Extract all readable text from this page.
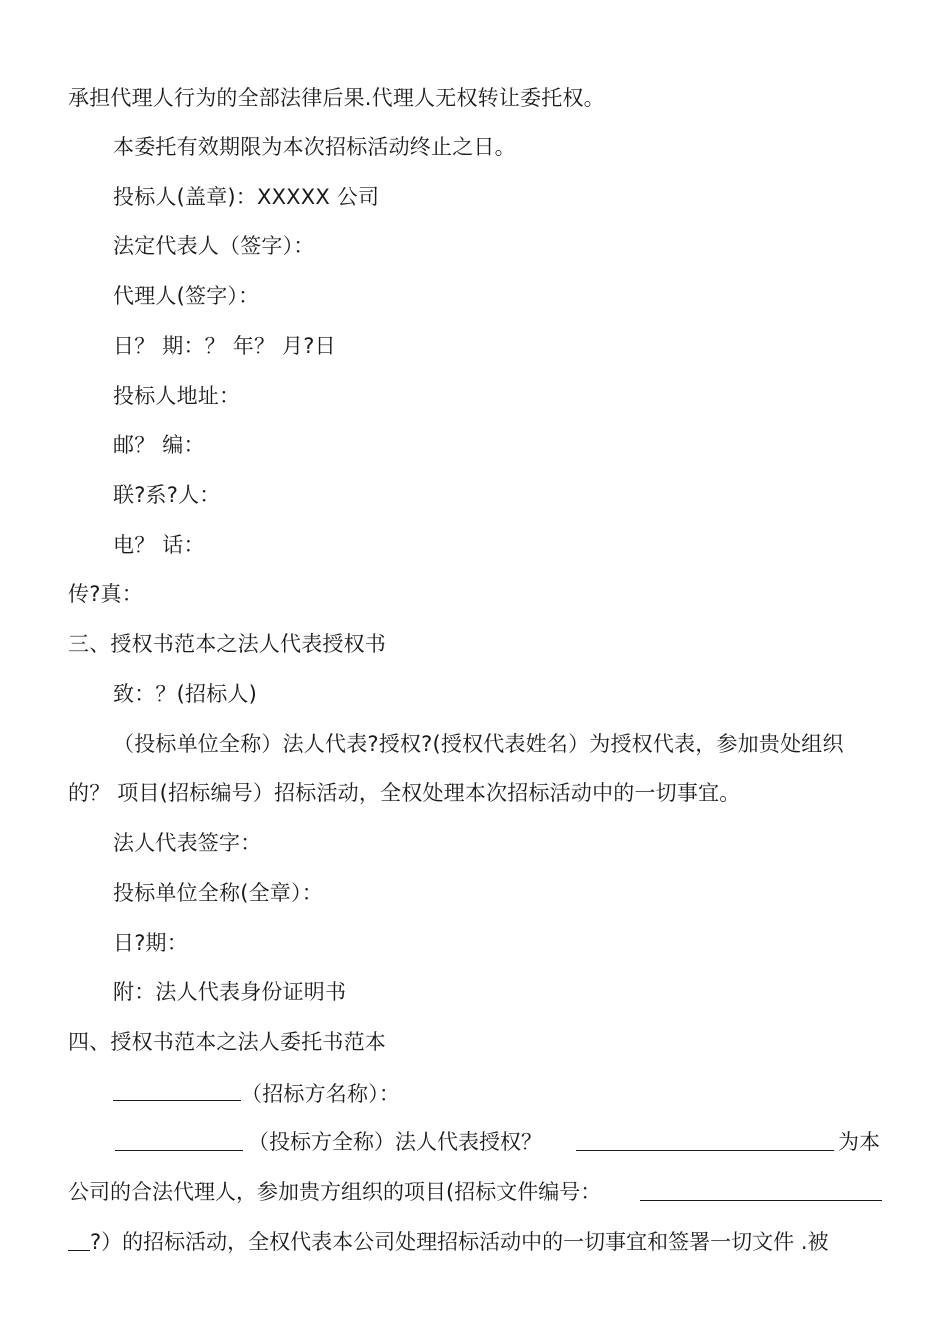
承担代理人行为的全部法律后果.代理人无权转让委托权。
本委托有效期限为本次招标活动终止之日。
投标人(盖章)：XXXXX 公司
法定代表人（签字）：
代理人(签字）：
日？ 期：？ 年？ 月?日
投标人地址：
邮？ 编：
联?系?人：
电？ 话：
传?真：
三、授权书范本之法人代表授权书
致：？(招标人)
（投标单位全称）法人代表?授权?(授权代表姓名）为授权代表，参加贵处组织
的？ 项目(招标编号）招标活动，全权处理本次招标活动中的一切事宜。
法人代表签字：
投标单位全称(全章）：
日?期：
附：法人代表身份证明书
四、授权书范本之法人委托书范本
（招标方名称）：
（投标方全称）法人代表授权？	为本
公司的合法代理人，参加贵方组织的项目(招标文件编号：
?）的招标活动，全权代表本公司处理招标活动中的一切事宜和签署一切文件 .被
